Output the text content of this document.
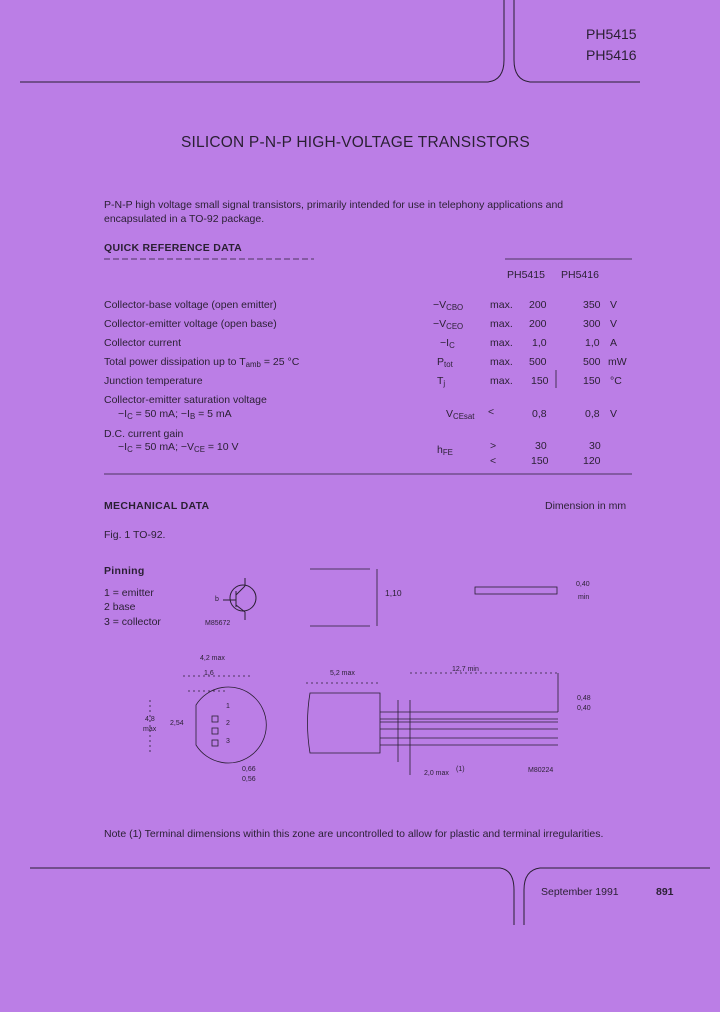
PH5415
PH5416
SILICON P-N-P HIGH-VOLTAGE TRANSISTORS
P-N-P high voltage small signal transistors, primarily intended for use in telephony applications and
encapsulated in a TO-92 package.
QUICK REFERENCE DATA
PH5415 PH5416
Collector-base voltage (open emitter)	$-V_{CBO}$	max. 200	350 V
Collector-emitter voltage (open base)	$-V_{CEO}$	max. 200	300 V
Collector current	$-I_C$	max. 1,0	1,0 A
Total power dissipation up to $T_{amb} = 25$ °C	$P_{tot}$	max. 500	500 mW
Junction temperature	$T_j$	max. 150	150 °C
Collector-emitter saturation voltage
$-I_C = 50$ mA; $-I_B = 5$ mA	$V_{CEsat}$ <	0,8	0,8 V
D.C. current gain
$-I_C = 50$ mA; $-V_{CE} = 10$ V	$h_{FE}$
>	30	30
<	150	120
MECHANICAL DATA	Dimension in mm
Fig. 1 TO-92.
Pinning
1 = emitter
2 base
3 = collector
b
M85672
M80224
1,10
0,40
min
4,2 max
1,6
4,8
max
2,54
1
2
3
0,66
0,56
5,2 max
12,7 min
0,48
0,40
2,0 max
(1)
Note (1) Terminal dimensions within this zone are uncontrolled to allow for plastic and terminal irregularities.
September 1991	891
